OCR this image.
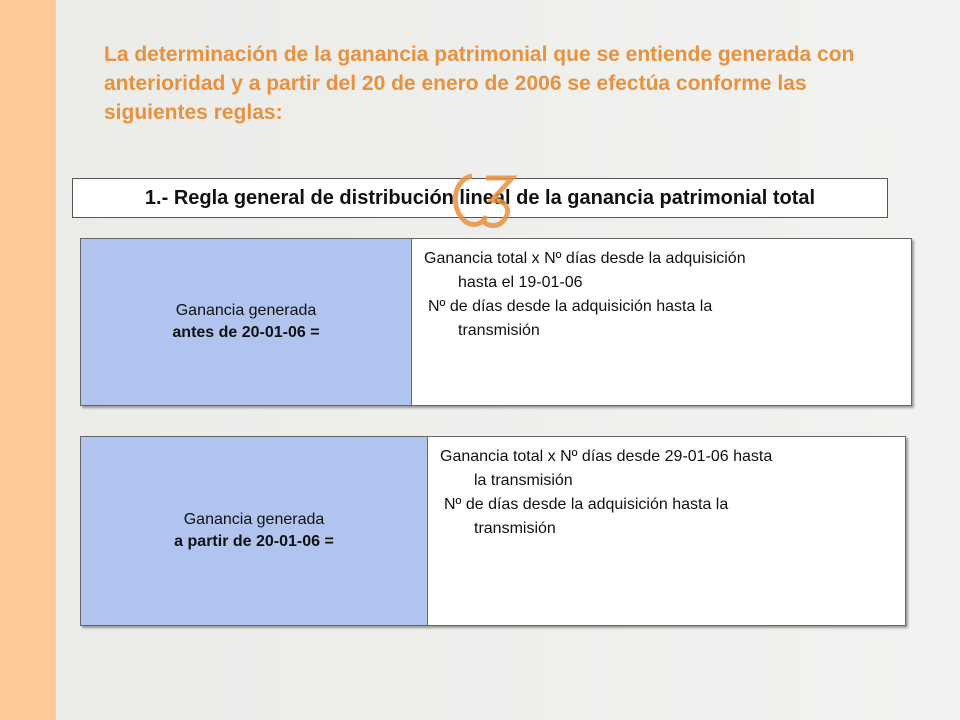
La determinación de la ganancia patrimonial que se entiende generada con anterioridad y a partir del 20 de enero de 2006 se efectúa conforme las siguientes reglas:
1.- Regla general de distribución lineal de la ganancia patrimonial total
Ganancia generada
antes de 20-01-06 =

Ganancia total x Nº días desde la adquisición

hasta el 19-01-06

Nº de días desde la adquisición hasta la

transmisión

Ganancia generada
a partir de 20-01-06 =

Ganancia total x Nº días desde 29-01-06 hasta

la transmisión

Nº de días desde la adquisición hasta la

transmisión
